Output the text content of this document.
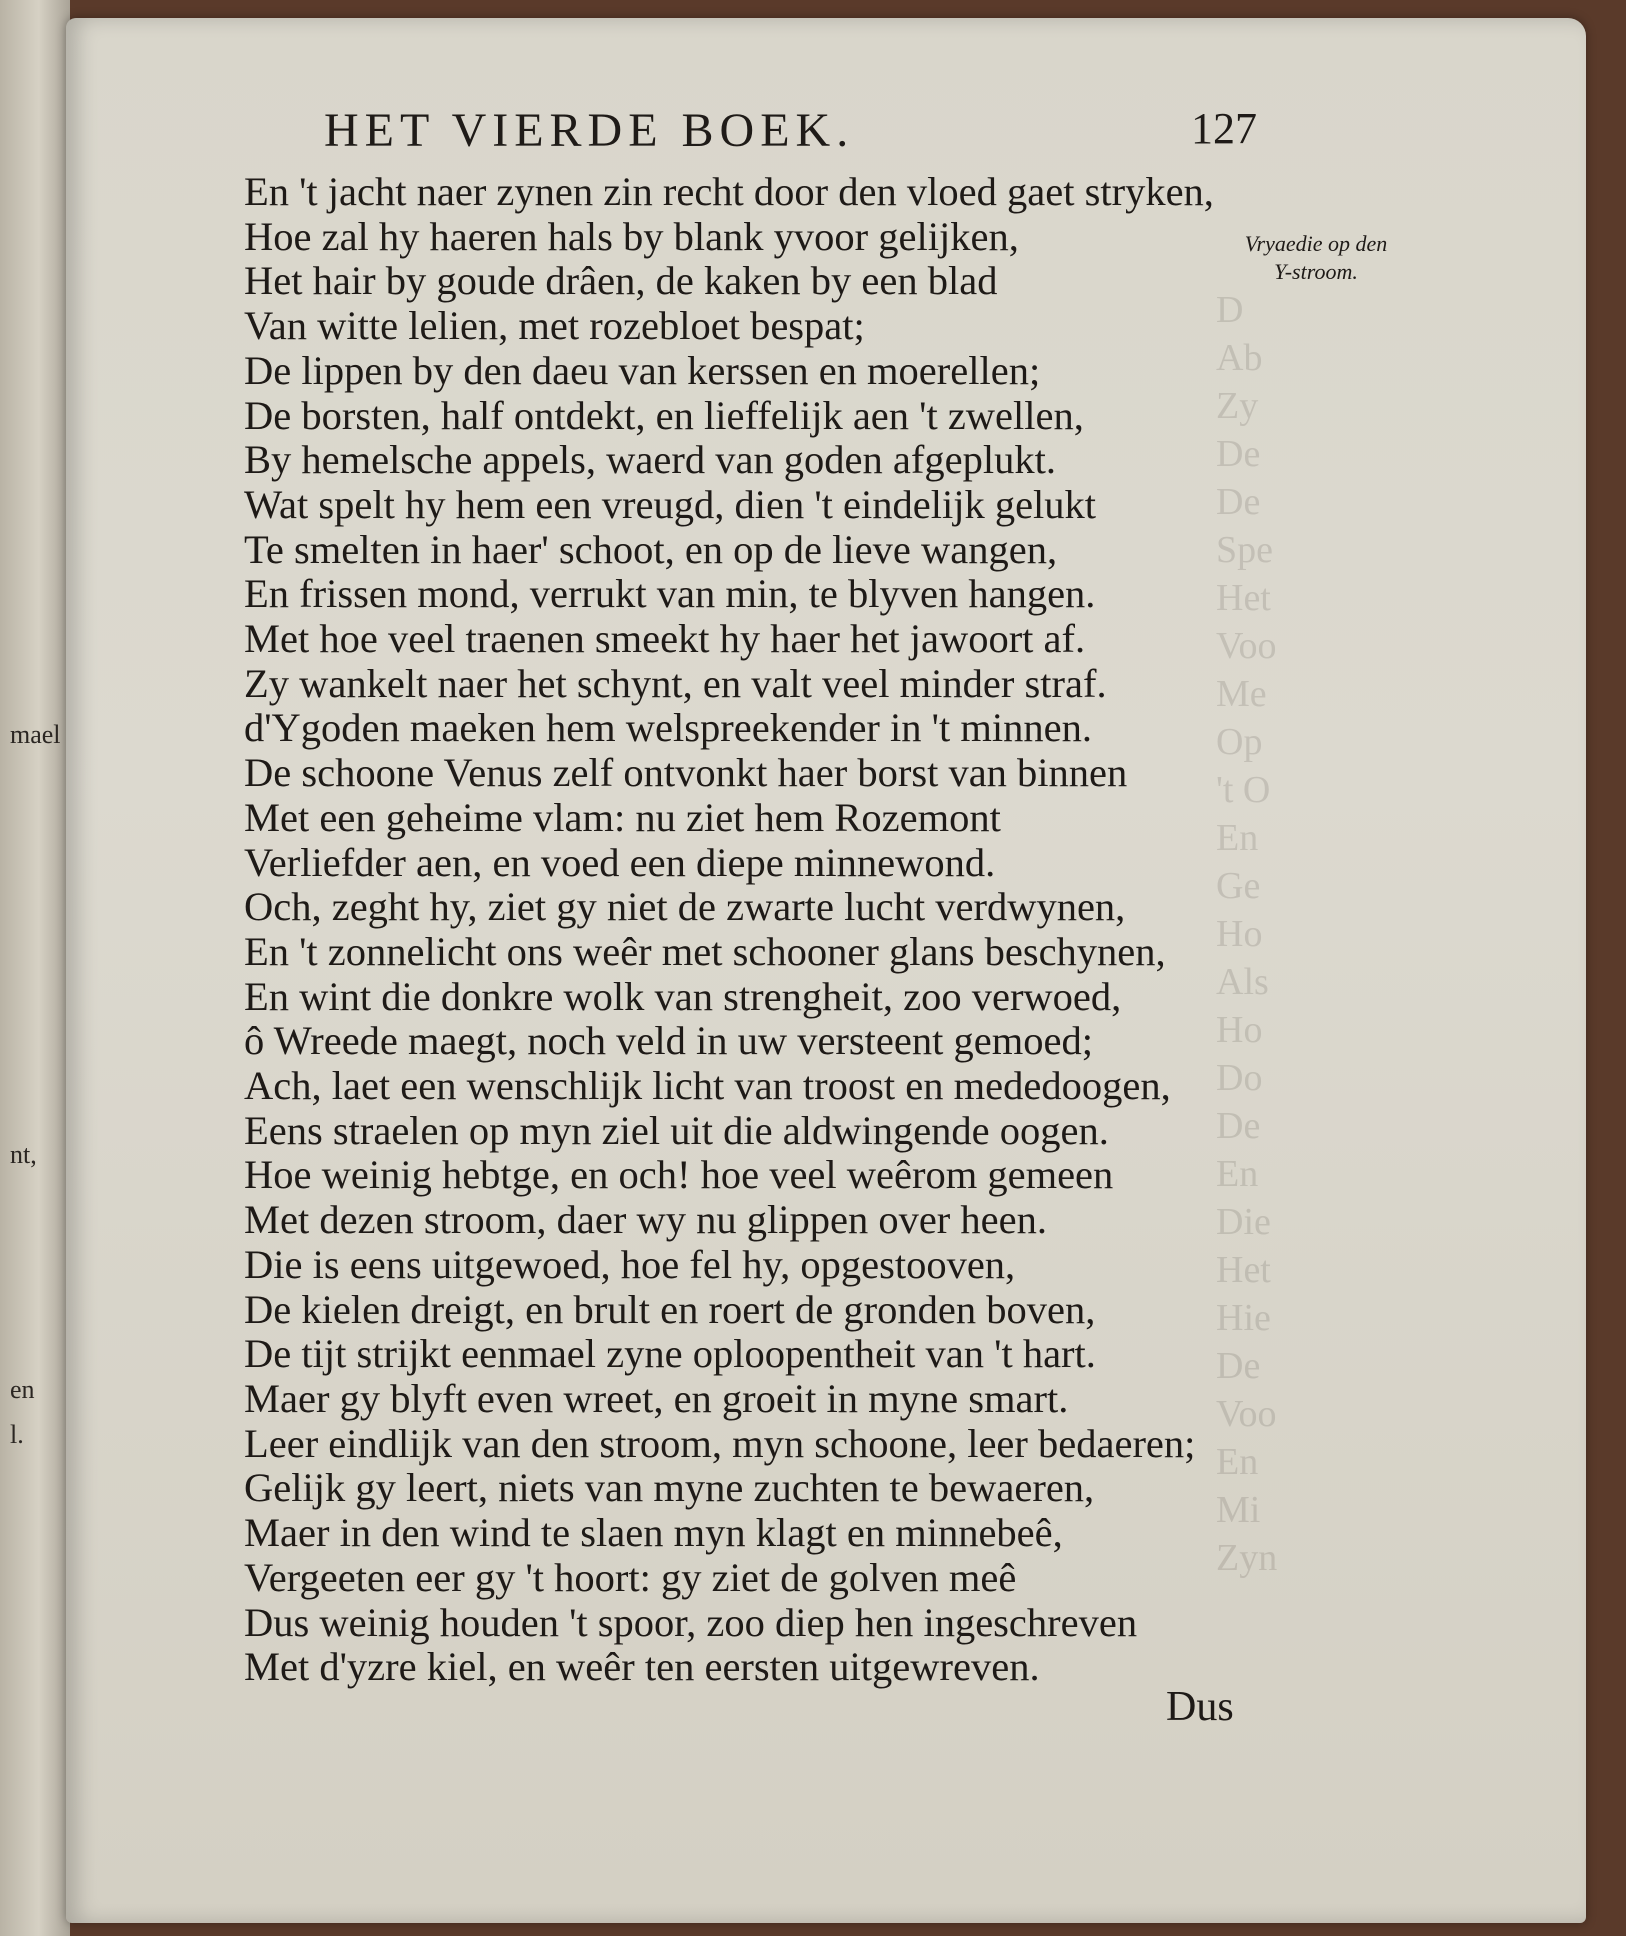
mael
nt,
en
l.

D
Ab
Zy
De
De
Spe
Het
Voo
Me
Op
't O
En
Ge
Ho
Als
Ho
Do
De
En
Die
Het
Hie
De
Voo
En
Mi
Zyn

HET VIERDE BOEK.	127
En 't jacht naer zynen zin recht door den vloed gaet stryken,
Hoe zal hy haeren hals by blank yvoor gelijken,
Het hair by goude drâen, de kaken by een blad
Van witte lelien, met rozebloet bespat;
De lippen by den daeu van kerssen en moerellen;
De borsten, half ontdekt, en lieffelijk aen 't zwellen,
By hemelsche appels, waerd van goden afgeplukt.
Wat spelt hy hem een vreugd, dien 't eindelijk gelukt
Te smelten in haer' schoot, en op de lieve wangen,
En frissen mond, verrukt van min, te blyven hangen.
Met hoe veel traenen smeekt hy haer het jawoort af.
Zy wankelt naer het schynt, en valt veel minder straf.
d'Ygoden maeken hem welspreekender in 't minnen.
De schoone Venus zelf ontvonkt haer borst van binnen
Met een geheime vlam: nu ziet hem Rozemont
Verliefder aen, en voed een diepe minnewond.
Och, zeght hy, ziet gy niet de zwarte lucht verdwynen,
En 't zonnelicht ons weêr met schooner glans beschynen,
En wint die donkre wolk van strengheit, zoo verwoed,
ô Wreede maegt, noch veld in uw versteent gemoed;
Ach, laet een wenschlijk licht van troost en mededoogen,
Eens straelen op myn ziel uit die aldwingende oogen.
Hoe weinig hebtge, en och! hoe veel weêrom gemeen
Met dezen stroom, daer wy nu glippen over heen.
Die is eens uitgewoed, hoe fel hy, opgestooven,
De kielen dreigt, en brult en roert de gronden boven,
De tijt strijkt eenmael zyne oploopentheit van 't hart.
Maer gy blyft even wreet, en groeit in myne smart.
Leer eindlijk van den stroom, myn schoone, leer bedaeren;
Gelijk gy leert, niets van myne zuchten te bewaeren,
Maer in den wind te slaen myn klagt en minnebeê,
Vergeeten eer gy 't hoort: gy ziet de golven meê
Dus weinig houden 't spoor, zoo diep hen ingeschreven
Met d'yzre kiel, en weêr ten eersten uitgewreven.
Vryaedie op den Y-stroom.
Dus
